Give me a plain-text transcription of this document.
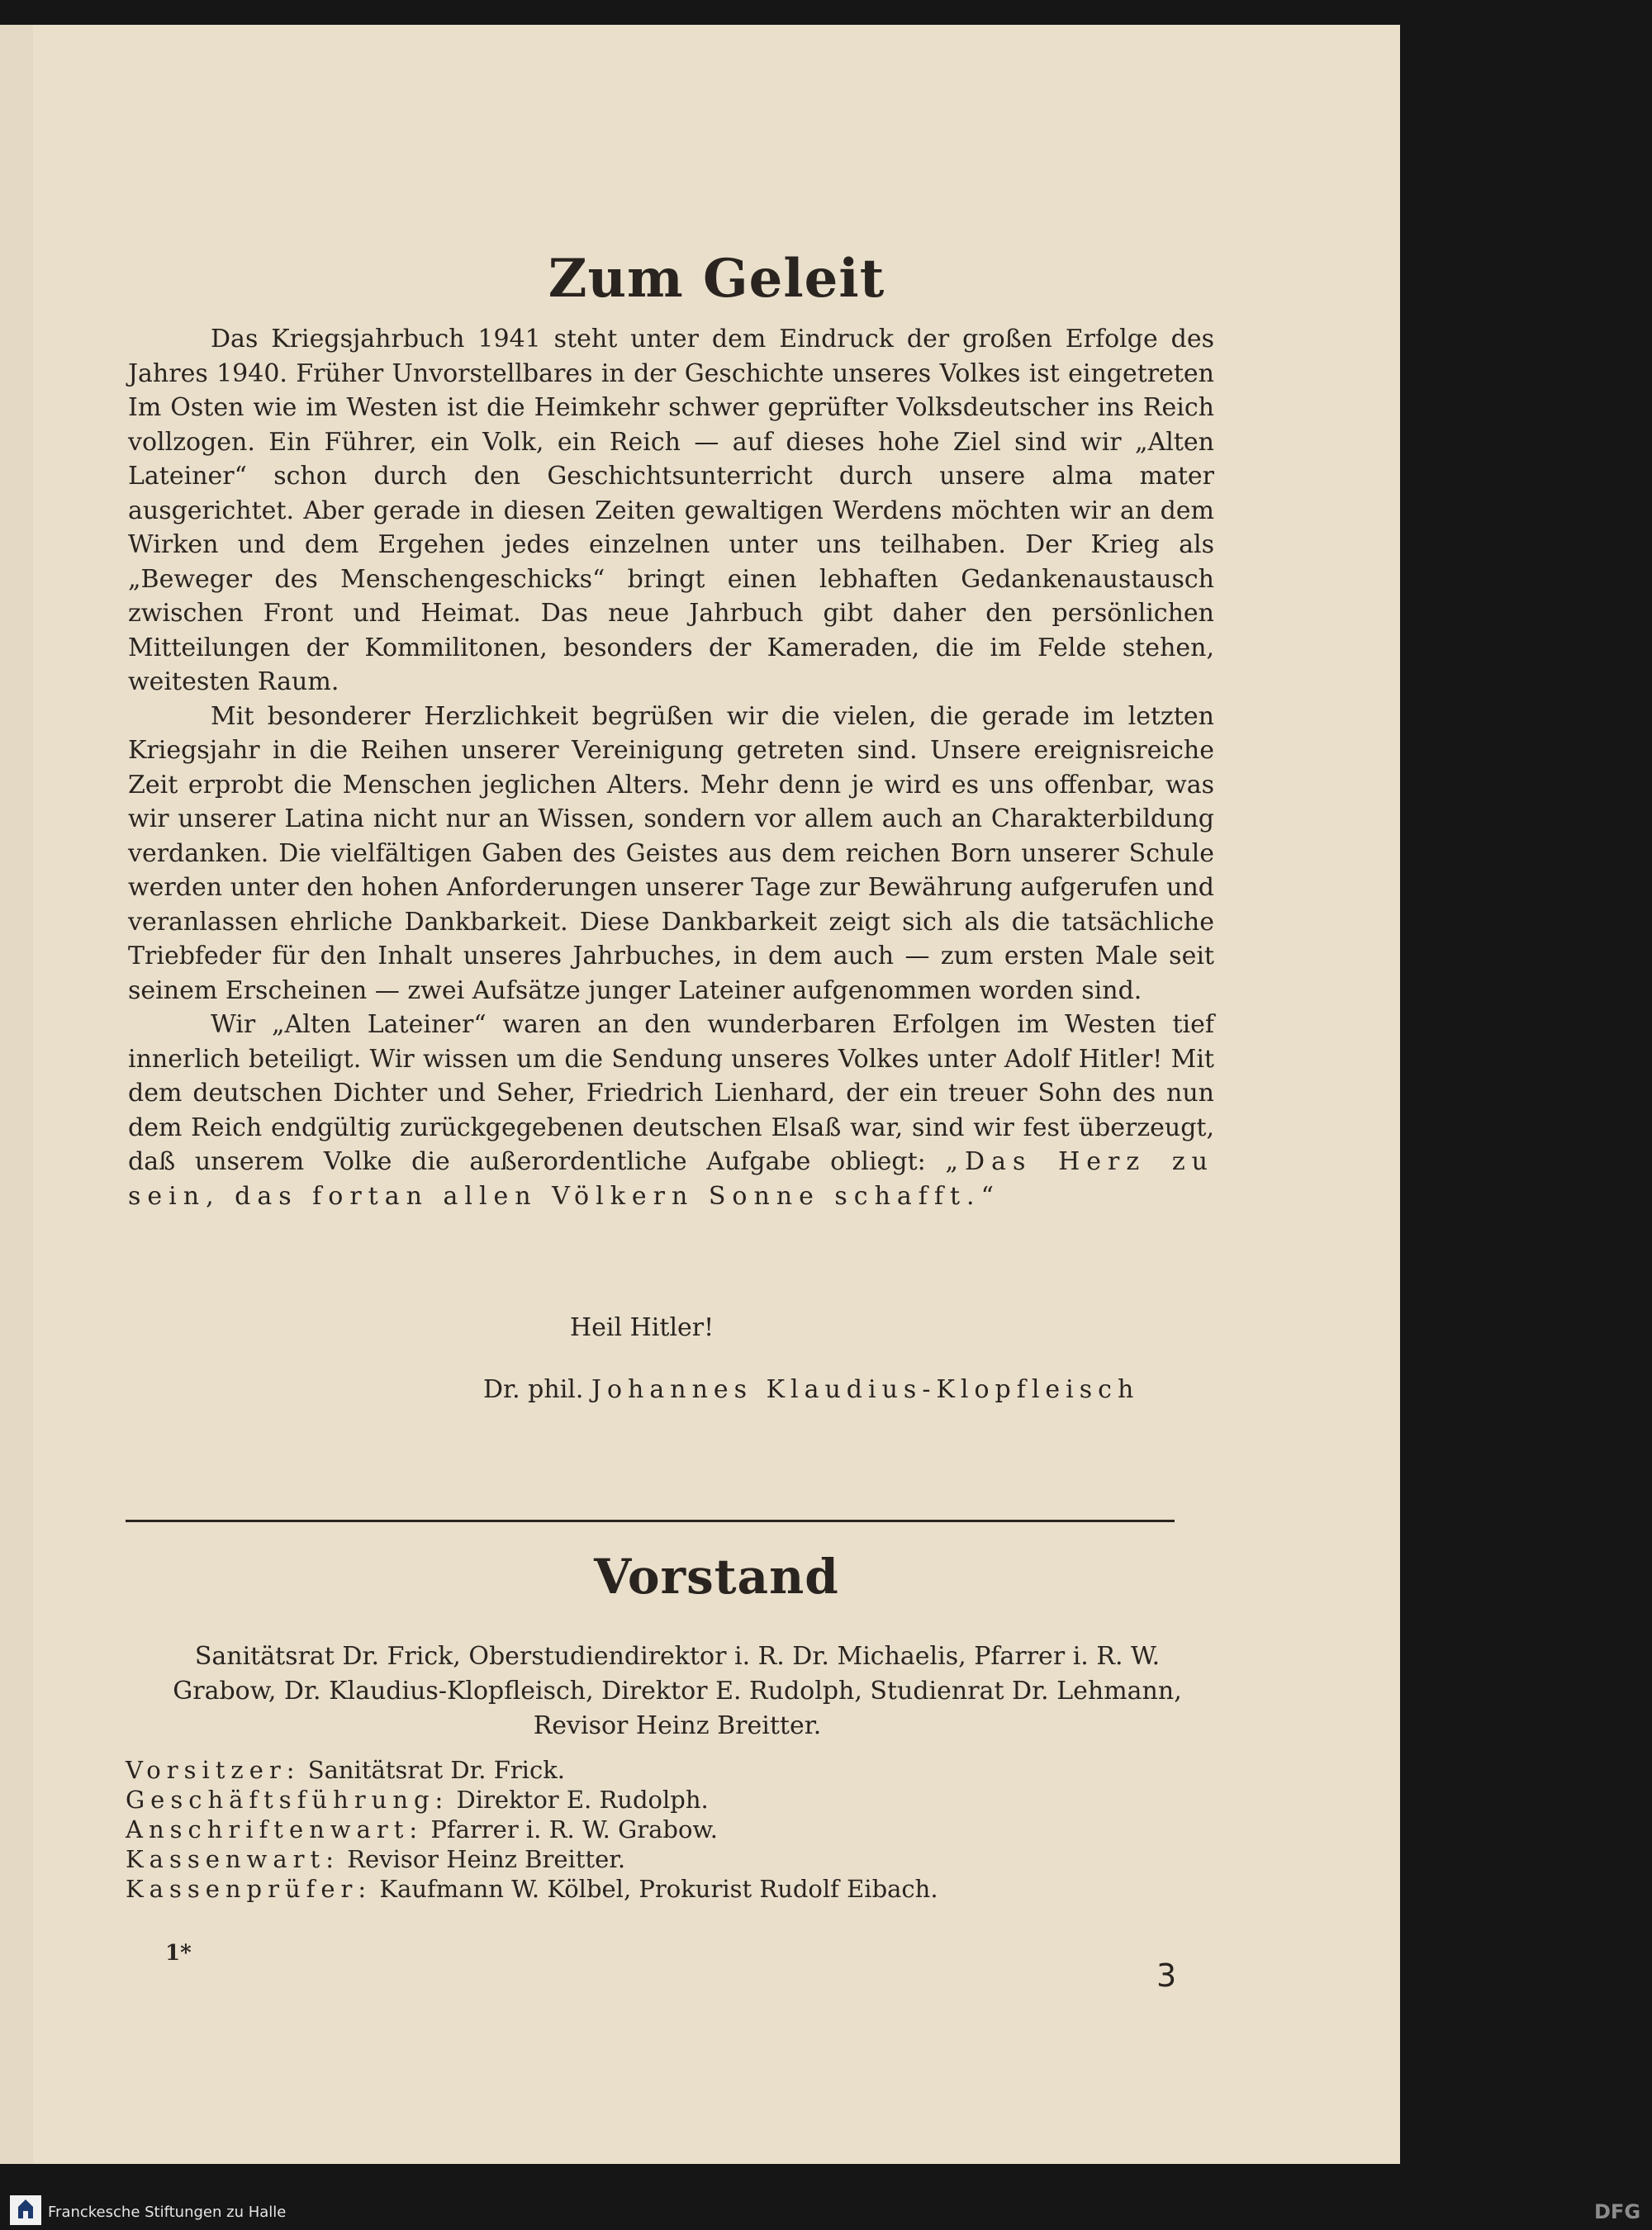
Zum Geleit

Das Kriegsjahrbuch 1941 steht unter dem Eindruck der großen Erfolge des Jahres 1940. Früher Unvorstellbares in der Geschichte unseres Volkes ist eingetreten Im Osten wie im Westen ist die Heimkehr schwer geprüfter Volksdeutscher ins Reich vollzogen. Ein Führer, ein Volk, ein Reich — auf dieses hohe Ziel sind wir „Alten Lateiner“ schon durch den Geschichtsunterricht durch unsere alma mater ausgerichtet. Aber gerade in diesen Zeiten gewaltigen Werdens möchten wir an dem Wirken und dem Ergehen jedes einzelnen unter uns teilhaben. Der Krieg als „Beweger des Menschengeschicks“ bringt einen lebhaften Gedankenaustausch zwischen Front und Heimat. Das neue Jahrbuch gibt daher den persönlichen Mitteilungen der Kommilitonen, besonders der Kameraden, die im Felde stehen, weitesten Raum.

Mit besonderer Herzlichkeit begrüßen wir die vielen, die gerade im letzten Kriegsjahr in die Reihen unserer Vereinigung getreten sind. Unsere ereignisreiche Zeit erprobt die Menschen jeglichen Alters. Mehr denn je wird es uns offenbar, was wir unserer Latina nicht nur an Wissen, sondern vor allem auch an Charakterbildung verdanken. Die vielfältigen Gaben des Geistes aus dem reichen Born unserer Schule werden unter den hohen Anforderungen unserer Tage zur Bewährung aufgerufen und veranlassen ehrliche Dankbarkeit. Diese Dankbarkeit zeigt sich als die tatsächliche Triebfeder für den Inhalt unseres Jahrbuches, in dem auch — zum ersten Male seit seinem Erscheinen — zwei Aufsätze junger Lateiner aufgenommen worden sind.

Wir „Alten Lateiner“ waren an den wunderbaren Erfolgen im Westen tief innerlich beteiligt. Wir wissen um die Sendung unseres Volkes unter Adolf Hitler! Mit dem deutschen Dichter und Seher, Friedrich Lienhard, der ein treuer Sohn des nun dem Reich endgültig zurückgegebenen deutschen Elsaß war, sind wir fest überzeugt, daß unserem Volke die außerordentliche Aufgabe obliegt: „Das Herz zu sein, das fortan allen Völkern Sonne schafft.“

Heil Hitler!
Dr. phil. Johannes Klaudius-Klopfleisch
Vorstand
Sanitätsrat Dr. Frick, Oberstudiendirektor i. R. Dr. Michaelis, Pfarrer i. R. W. Grabow, Dr. Klaudius-Klopfleisch, Direktor E. Rudolph, Studienrat Dr. Lehmann, Revisor Heinz Breitter.
Vorsitzer: Sanitätsrat Dr. Frick.
Geschäftsführung: Direktor E. Rudolph.
Anschriftenwart: Pfarrer i. R. W. Grabow.
Kassenwart: Revisor Heinz Breitter.
Kassenprüfer: Kaufmann W. Kölbel, Prokurist Rudolf Eibach.
1*
3
Franckesche Stiftungen zu Halle	DFG
